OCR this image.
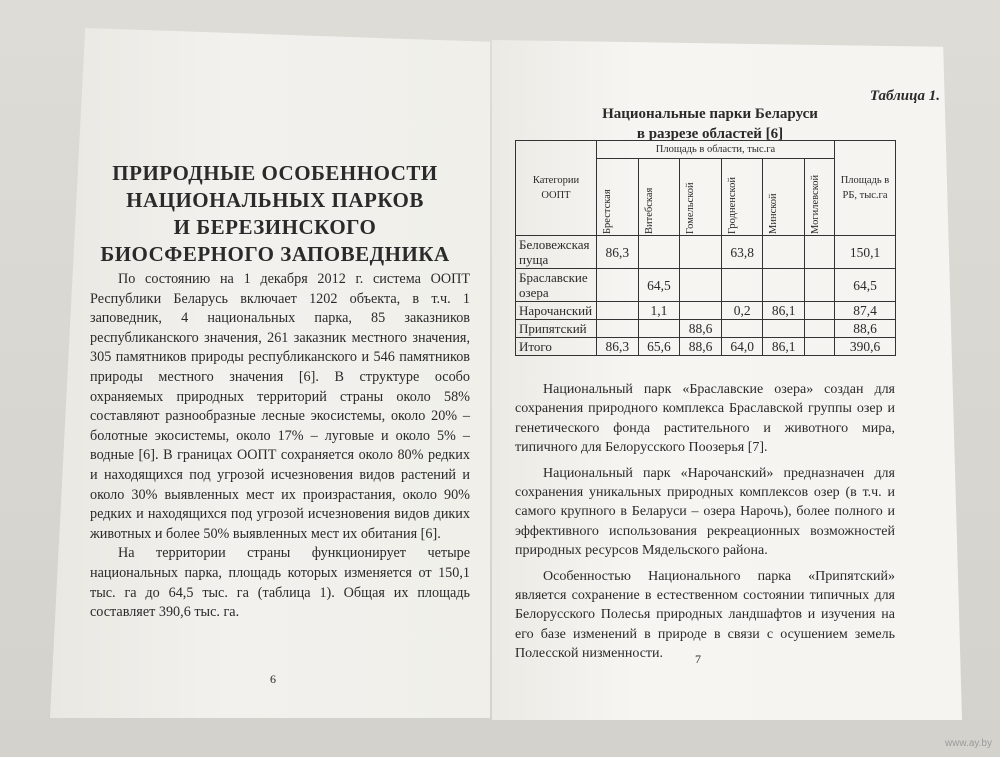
ПРИРОДНЫЕ ОСОБЕННОСТИ
НАЦИОНАЛЬНЫХ ПАРКОВ
И БЕРЕЗИНСКОГО
БИОСФЕРНОГО ЗАПОВЕДНИКА

По состоянию на 1 декабря 2012 г. система ООПТ Республики Беларусь включает 1202 объекта, в т.ч. 1 заповедник, 4 национальных парка, 85 заказников республиканского значения, 261 заказник местного значения, 305 памятников природы республиканского и 546 памятников природы местного значения [6]. В структуре особо охраняемых природных территорий страны около 58% составляют разнообразные лесные экосистемы, около 20% – болотные экосистемы, около 17% – луговые и около 5% – водные [6]. В границах ООПТ сохраняется около 80% редких и находящихся под угрозой исчезновения видов растений и около 30% выявленных мест их произрастания, около 90% редких и находящихся под угрозой исчезновения видов диких животных и более 50% выявленных мест их обитания [6].

На территории страны функционирует четыре национальных парка, площадь которых изменяется от 150,1 тыс. га до 64,5 тыс. га (таблица 1). Общая их площадь составляет 390,6 тыс. га.

6
Таблица 1.
Национальные парки Беларуси
в разрезе областей [6]
Категории ООПТ	Площадь в области, тыс.га						Площадь в РБ, тыс.га

	Брестская	Витебская	Гомельской	Гродненской	Минской	Могилевской	

Беловежская пуща	86,3			63,8			150,1
Браславские озера		64,5					64,5
Нарочанский		1,1		0,2	86,1		87,4
Припятский			88,6				88,6
Итого	86,3	65,6	88,6	64,0	86,1		390,6

Национальный парк «Браславские озера» создан для сохранения природного комплекса Браславской группы озер и генетического фонда растительного и животного мира, типичного для Белорусского Поозерья [7].

Национальный парк «Нарочанский» предназначен для сохранения уникальных природных комплексов озер (в т.ч. и самого крупного в Беларуси – озера Нарочь), более полного и эффективного использования рекреационных возможностей природных ресурсов Мядельского района.

Особенностью Национального парка «Припятский» является сохранение в естественном состоянии типичных для Белорусского Полесья природных ландшафтов и изучения на его базе изменений в природе в связи с осушением земель Полесской низменности.	7
www.ay.by
